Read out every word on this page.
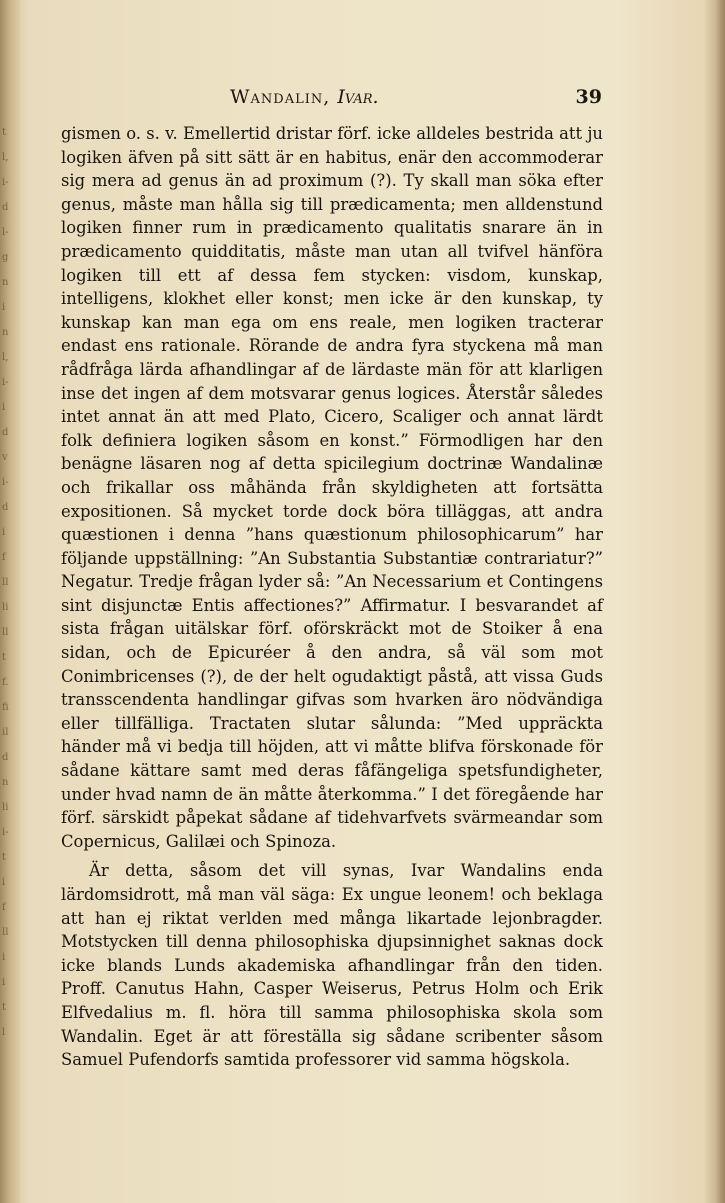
t
l,
i-
d
l-
g
n
i
n
l,
i-
i
d
v
i-
d
i
f
ll
li
ll
t
f.
fi
il
d
n
li
i-
t
i
f
ll
i
i
t
l
Wandalin, Ivar.	39

gismen o. s. v. Emellertid dristar förf. icke alldeles bestrida att ju logiken äfven på sitt sätt är en habitus, enär den accommoderar sig mera ad genus än ad proximum (?). Ty skall man söka efter genus, måste man hålla sig till prædicamenta; men alldenstund logiken finner rum in prædicamento qualitatis snarare än in prædicamento quidditatis, måste man utan all tvifvel hänföra logiken till ett af dessa fem stycken: visdom, kunskap, intelligens, klokhet eller konst; men icke är den kunskap, ty kunskap kan man ega om ens reale, men logiken tracterar endast ens rationale. Rörande de andra fyra styckena må man rådfråga lärda afhandlingar af de lärdaste män för att klarligen inse det ingen af dem motsvarar genus logices. Återstår således intet annat än att med Plato, Cicero, Scaliger och annat lärdt folk definiera logiken såsom en konst.” Förmodligen har den benägne läsaren nog af detta spicilegium doctrinæ Wandalinæ och frikallar oss måhända från skyldigheten att fortsätta expositionen. Så mycket torde dock böra tilläggas, att andra quæstionen i denna ”hans quæstionum philosophicarum” har följande uppställning: ”An Substantia Substantiæ contrariatur?” Negatur. Tredje frågan lyder så: ”An Necessarium et Contingens sint disjunctæ Entis affectiones?” Affirmatur. I besvarandet af sista frågan uitälskar förf. oförskräckt mot de Stoiker å ena sidan, och de Epicuréer å den andra, så väl som mot Conimbricenses (?), de der helt ogudaktigt påstå, att vissa Guds transscendenta handlingar gifvas som hvarken äro nödvändiga eller tillfälliga. Tractaten slutar sålunda: ”Med uppräckta händer må vi bedja till höjden, att vi måtte blifva förskonade för sådane kättare samt med deras fåfängeliga spetsfundigheter, under hvad namn de än måtte återkomma.” I det föregående har förf. särskidt påpekat sådane af tidehvarfvets svärmeandar som Copernicus, Galilæi och Spinoza.

Är detta, såsom det vill synas, Ivar Wandalins enda lärdomsidrott, må man väl säga: Ex ungue leonem! och beklaga att han ej riktat verlden med många likartade lejonbragder. Motstycken till denna philosophiska djupsinnighet saknas dock icke blands Lunds akademiska afhandlingar från den tiden. Proff. Canutus Hahn, Casper Weiserus, Petrus Holm och Erik Elfvedalius m. fl. höra till samma philosophiska skola som Wandalin. Eget är att föreställa sig sådane scribenter såsom Samuel Pufendorfs samtida professorer vid samma högskola.
